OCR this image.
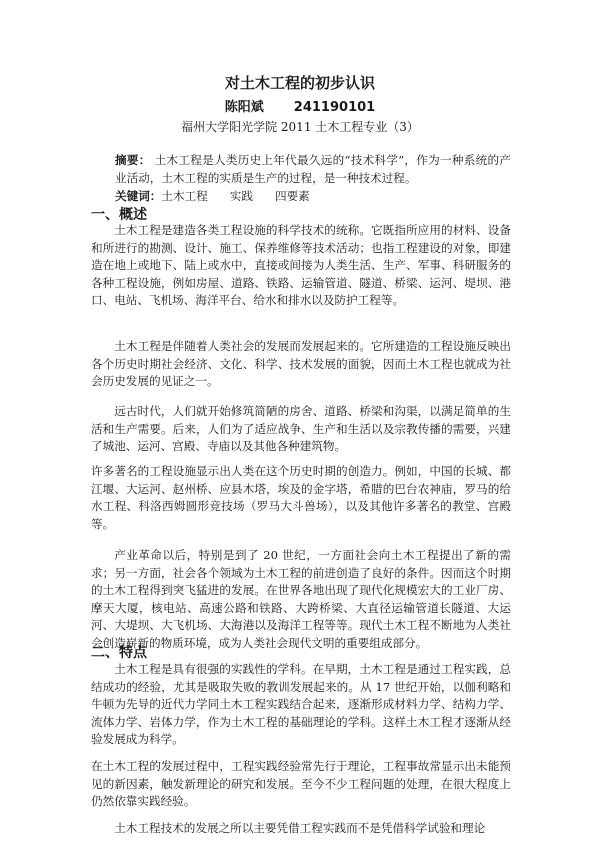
对土木工程的初步认识
陈阳斌 241190101
福州大学阳光学院 2011 土木工程专业（3）

摘要： 土木工程是人类历史上年代最久远的“技术科学”，作为一种系统的产业活动，土木工程的实质是生产的过程，是一种技术过程。

关键词：土木工程 实践 四要素
一、概述

土木工程是建造各类工程设施的科学技术的统称。它既指所应用的材料、设备和所进行的勘测、设计、施工、保养维修等技术活动；也指工程建设的对象，即建造在地上或地下、陆上或水中，直接或间接为人类生活、生产、军事、科研服务的各种工程设施，例如房屋、道路、铁路、运输管道、隧道、桥梁、运河、堤坝、港口、电站、飞机场、海洋平台、给水和排水以及防护工程等。

土木工程是伴随着人类社会的发展而发展起来的。它所建造的工程设施反映出各个历史时期社会经济、文化、科学、技术发展的面貌，因而土木工程也就成为社会历史发展的见证之一。

远古时代，人们就开始修筑简陋的房舍、道路、桥梁和沟渠，以满足简单的生活和生产需要。后来，人们为了适应战争、生产和生活以及宗教传播的需要，兴建了城池、运河、宫殿、寺庙以及其他各种建筑物。

许多著名的工程设施显示出人类在这个历史时期的创造力。例如，中国的长城、都江堰、大运河、赵州桥、应县木塔，埃及的金字塔，希腊的巴台农神庙，罗马的给水工程、科洛西姆圆形竞技场（罗马大斗兽场），以及其他许多著名的教堂、宫殿等。

产业革命以后，特别是到了 20 世纪，一方面社会向土木工程提出了新的需求；另一方面，社会各个领域为土木工程的前进创造了良好的条件。因而这个时期的土木工程得到突飞猛进的发展。在世界各地出现了现代化规模宏大的工业厂房、摩天大厦，核电站、高速公路和铁路、大跨桥梁、大直径运输管道长隧道、大运河、大堤坝、大飞机场、大海港以及海洋工程等等。现代土木工程不断地为人类社会创造崭新的物质环境，成为人类社会现代文明的重要组成部分。

二、特点

土木工程是具有很强的实践性的学科。在早期，土木工程是通过工程实践，总结成功的经验，尤其是吸取失败的教训发展起来的。从 17 世纪开始，以伽利略和牛顿为先导的近代力学同土木工程实践结合起来，逐渐形成材料力学、结构力学、流体力学、岩体力学，作为土木工程的基础理论的学科。这样土木工程才逐渐从经验发展成为科学。

在土木工程的发展过程中，工程实践经验常先行于理论，工程事故常显示出未能预见的新因素，触发新理论的研究和发展。至今不少工程问题的处理，在很大程度上仍然依靠实践经验。

土木工程技术的发展之所以主要凭借工程实践而不是凭借科学试验和理论
